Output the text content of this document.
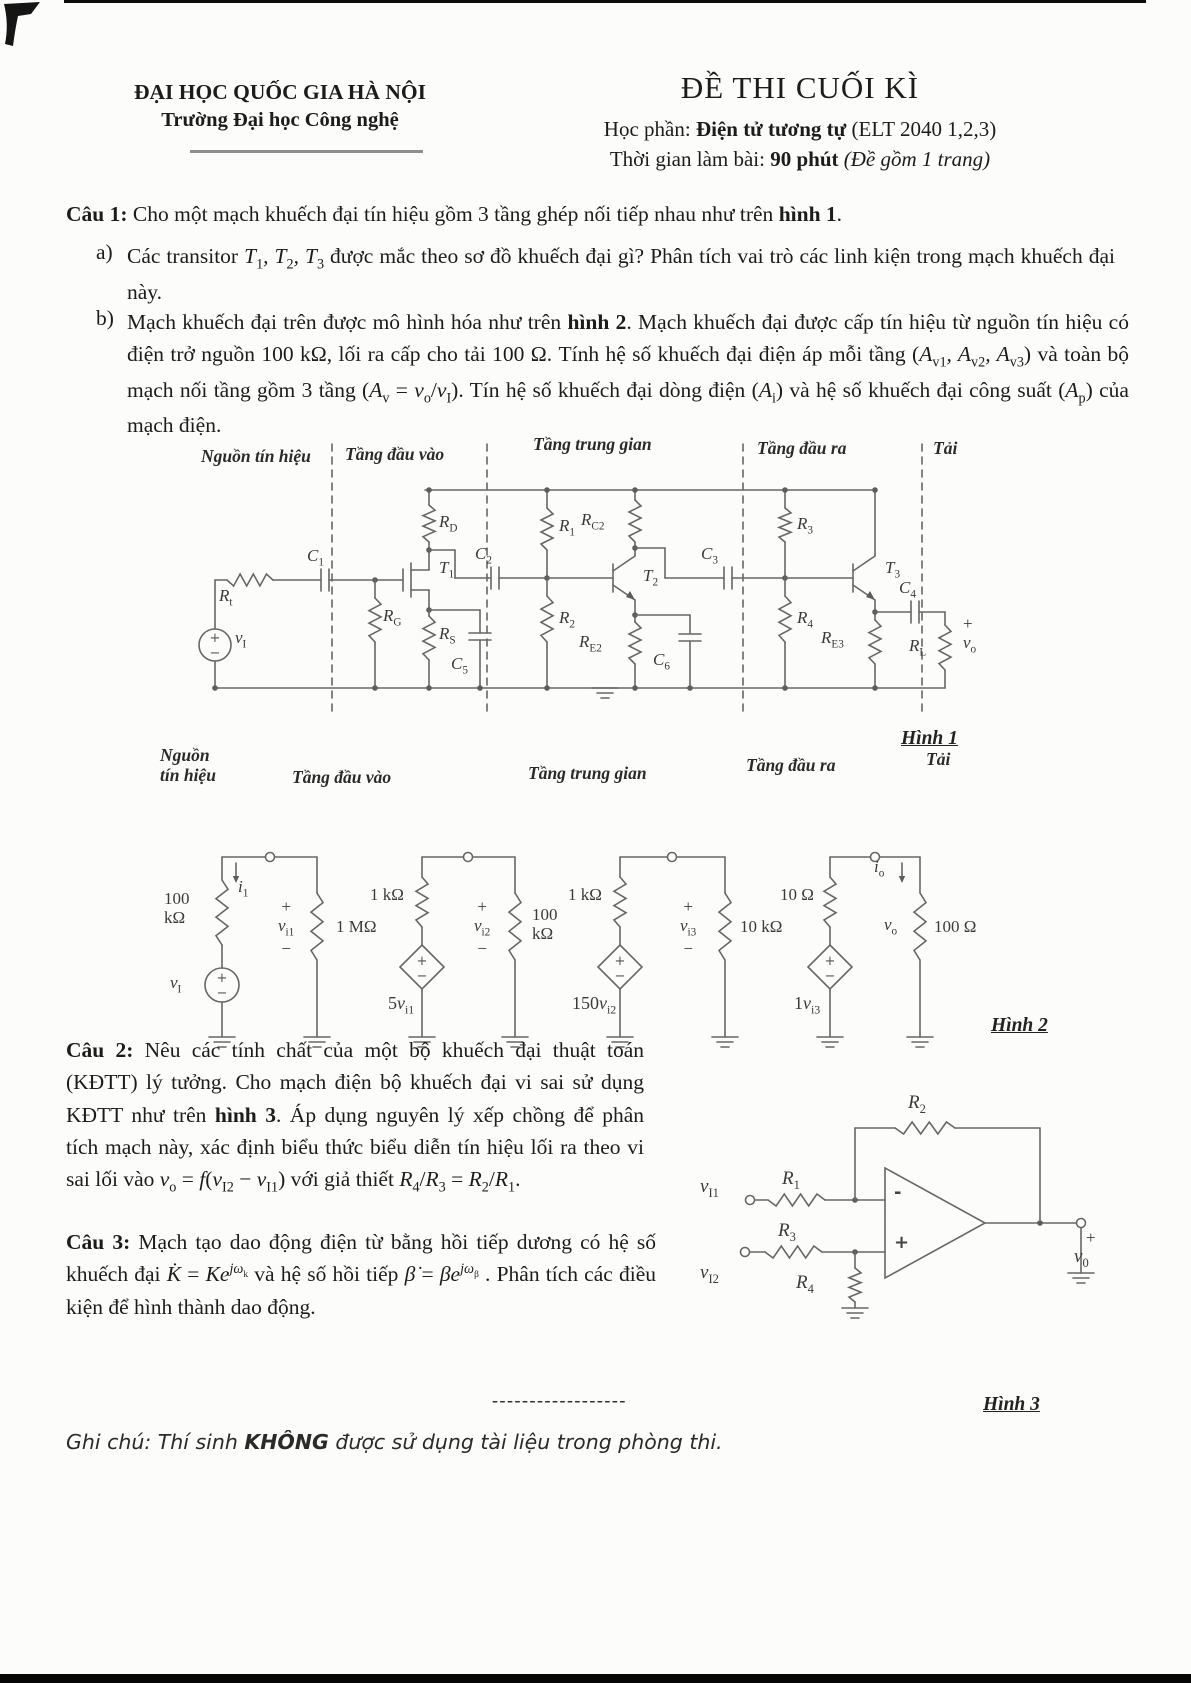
ĐẠI HỌC QUỐC GIA HÀ NỘI
Trường Đại học Công nghệ
ĐỀ THI CUỐI KÌ
Học phần: Điện tử tương tự (ELT 2040 1,2,3)
Thời gian làm bài: 90 phút (Đề gồm 1 trang)
Câu 1: Cho một mạch khuếch đại tín hiệu gồm 3 tầng ghép nối tiếp nhau như trên hình 1.
a) Các transitor $T_1$, $T_2$, $T_3$ được mắc theo sơ đồ khuếch đại gì? Phân tích vai trò các linh kiện trong mạch khuếch đại này.
b) Mạch khuếch đại trên được mô hình hóa như trên hình 2. Mạch khuếch đại được cấp tín hiệu từ nguồn tín hiệu có điện trở nguồn 100 kΩ, lối ra cấp cho tải 100 Ω. Tính hệ số khuếch đại điện áp mỗi tầng ($A_{v1}$, $A_{v2}$, $A_{v3}$) và toàn bộ mạch nối tầng gồm 3 tầng $(A_v = v_o/v_I)$. Tín hệ số khuếch đại dòng điện $(A_i)$ và hệ số khuếch đại công suất $(A_p)$ của mạch điện.
+
−
Nguồn tín hiệu Tầng đầu vào	Tầng trung gian	Tầng đầu ra	Tải
$R_t$
$v_I$
$C_1$
$R_G$
$T_1$
$R_D$
$R_S$
$C_5$
$C_2$
$R_1$
$R_2$
$T_2$
$R_{C2}$
$R_{E2}$
$C_6$
$C_3$
$R_3$
$R_4$
$T_3$
$R_{E3}$
$C_4$
$R_L$
+
$v_o$
Hình 1
+
−
+
−
+
−
+
−
Nguồn
tín hiệu	Tầng đầu vào	Tầng trung gian	Tầng đầu ra	Tải
100
kΩ
$i_1$
$v_I$
+
$v_{i1}$
−
1 MΩ
1 kΩ
$5v_{i1}$
+
$v_{i2}$
−
100
kΩ
1 kΩ
$150v_{i2}$
+
$v_{i3}$
−
10 kΩ
10 Ω
$1v_{i3}$
$i_o$
$v_o$ 100 Ω
Hình 2
Câu 2: Nêu các tính chất của một bộ khuếch đại thuật toán (KĐTT) lý tưởng. Cho mạch điện bộ khuếch đại vi sai sử dụng KĐTT như trên hình 3. Áp dụng nguyên lý xếp chồng để phân tích mạch này, xác định biểu thức biểu diễn tín hiệu lối ra theo vi sai lối vào $v_o = f(v_{I2} - v_{I1})$ với giả thiết $R_4/R_3 = R_2/R_1$.
Câu 3: Mạch tạo dao động điện từ bằng hồi tiếp dương có hệ số khuếch đại K̇ = $Ke^{j\omega_k}$ và hệ số hồi tiếp β̇ = $\beta e^{j\omega_\beta}$ . Phân tích các điều kiện để hình thành dao động.
$v_{I1}$
$R_1$
$R_2$
$R_3$
$v_{I2}$	$R_4$
-
+	+
$v_0$
Hình 3
------------------
Ghi chú: Thí sinh KHÔNG được sử dụng tài liệu trong phòng thi.
